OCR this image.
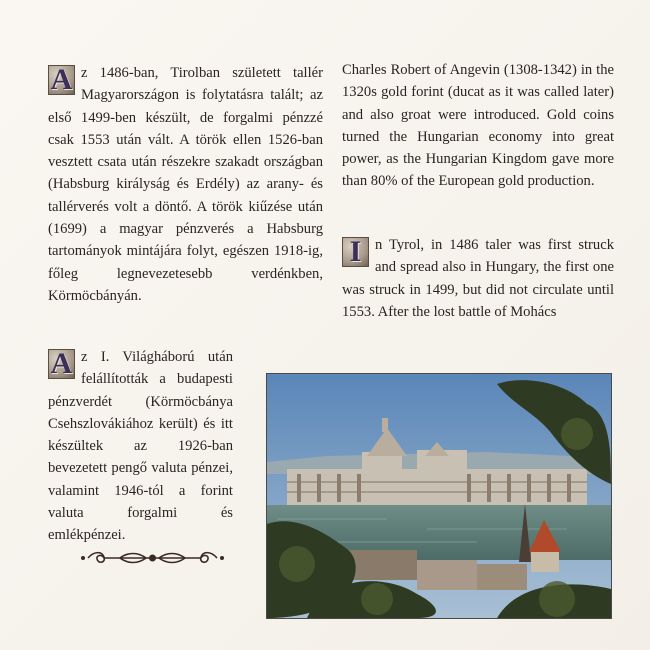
A z 1486-ban, Tirolban született tallér Magyarországon is folytatásra talált; az első 1499-ben készült, de forgalmi pénzzé csak 1553 után vált. A török ellen 1526-ban vesztett csata után részekre szakadt országban (Habsburg királyság és Erdély) az arany- és tallérverés volt a döntő. A török kiűzése után (1699) a magyar pénzverés a Habsburg tartományok mintájára folyt, egészen 1918-ig, főleg legnevezetesebb verdénkben, Körmöcbányán.
A z I. Világháború után felállították a budapesti pénzverdét (Körmöcbánya Csehszlovákiához került) és itt készültek az 1926-ban bevezetett pengő valuta pénzei, valamint 1946-tól a forint valuta forgalmi és emlékpénzei.
Charles Robert of Angevin (1308-1342) in the 1320s gold forint (ducat as it was called later) and also groat were introduced. Gold coins turned the Hungarian economy into great power, as the Hungarian Kingdom gave more than 80% of the European gold production.
I n Tyrol, in 1486 taler was first struck and spread also in Hungary, the first one was struck in 1499, but did not circulate until 1553. After the lost battle of Mohács
